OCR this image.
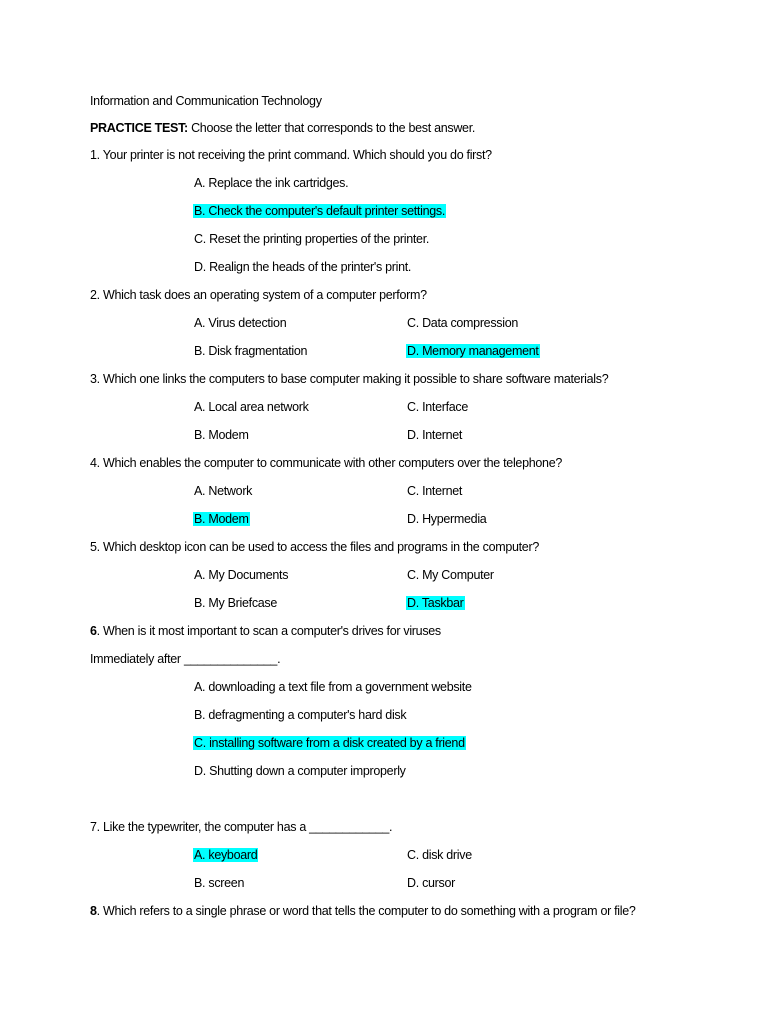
Information and Communication Technology
PRACTICE TEST: Choose the letter that corresponds to the best answer.
1. Your printer is not receiving the print command. Which should you do first?
A. Replace the ink cartridges.
B. Check the computer's default printer settings.
C. Reset the printing properties of the printer.
D. Realign the heads of the printer's print.
2. Which task does an operating system of a computer perform?
A. Virus detection	C. Data compression
B. Disk fragmentation	D. Memory management
3. Which one links the computers to base computer making it possible to share software materials?
A. Local area network	C. Interface
B. Modem	D. Internet
4. Which enables the computer to communicate with other computers over the telephone?
A. Network	C. Internet
B. Modem	D. Hypermedia
5. Which desktop icon can be used to access the files and programs in the computer?
A. My Documents	C. My Computer
B. My Briefcase	D. Taskbar
6. When is it most important to scan a computer's drives for viruses
Immediately after ______________.
A. downloading a text file from a government website
B. defragmenting a computer's hard disk
C. installing software from a disk created by a friend
D. Shutting down a computer improperly
7. Like the typewriter, the computer has a ____________.
A. keyboard	C. disk drive
B. screen	D. cursor
8. Which refers to a single phrase or word that tells the computer to do something with a program or file?
